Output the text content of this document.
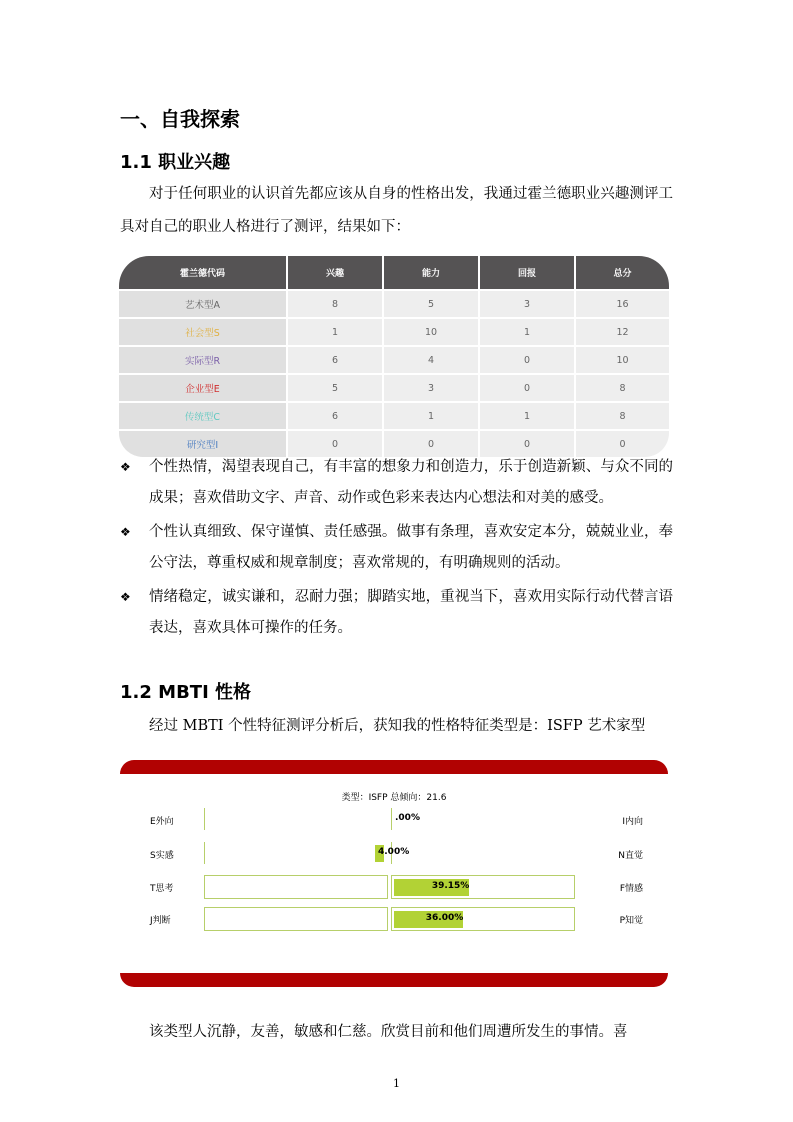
一、自我探索
1.1 职业兴趣
对于任何职业的认识首先都应该从自身的性格出发，我通过霍兰德职业兴趣测评工具对自己的职业人格进行了测评，结果如下：
霍兰德代码	兴趣	能力	回报	总分
艺术型A	8	5	3	16
社会型S	1	10	1	12
实际型R	6	4	0	10
企业型E	5	3	0	8
传统型C	6	1	1	8
研究型I	0	0	0	0
❖ 个性热情，渴望表现自己，有丰富的想象力和创造力，乐于创造新颖、与众不同的成果；喜欢借助文字、声音、动作或色彩来表达内心想法和对美的感受。
❖ 个性认真细致、保守谨慎、责任感强。做事有条理，喜欢安定本分，兢兢业业，奉公守法，尊重权威和规章制度；喜欢常规的，有明确规则的活动。
❖ 情绪稳定，诚实谦和，忍耐力强；脚踏实地，重视当下，喜欢用实际行动代替言语表达，喜欢具体可操作的任务。
1.2 MBTI 性格
经过 MBTI 个性特征测评分析后，获知我的性格特征类型是：ISFP 艺术家型
类型：ISFP 总倾向：21.6
E外向	.00%	I内向
S实感	4.00%	N直觉
T思考	39.15%	F情感
J判断	36.00%	P知觉
该类型人沉静，友善，敏感和仁慈。欣赏目前和他们周遭所发生的事情。喜
1
